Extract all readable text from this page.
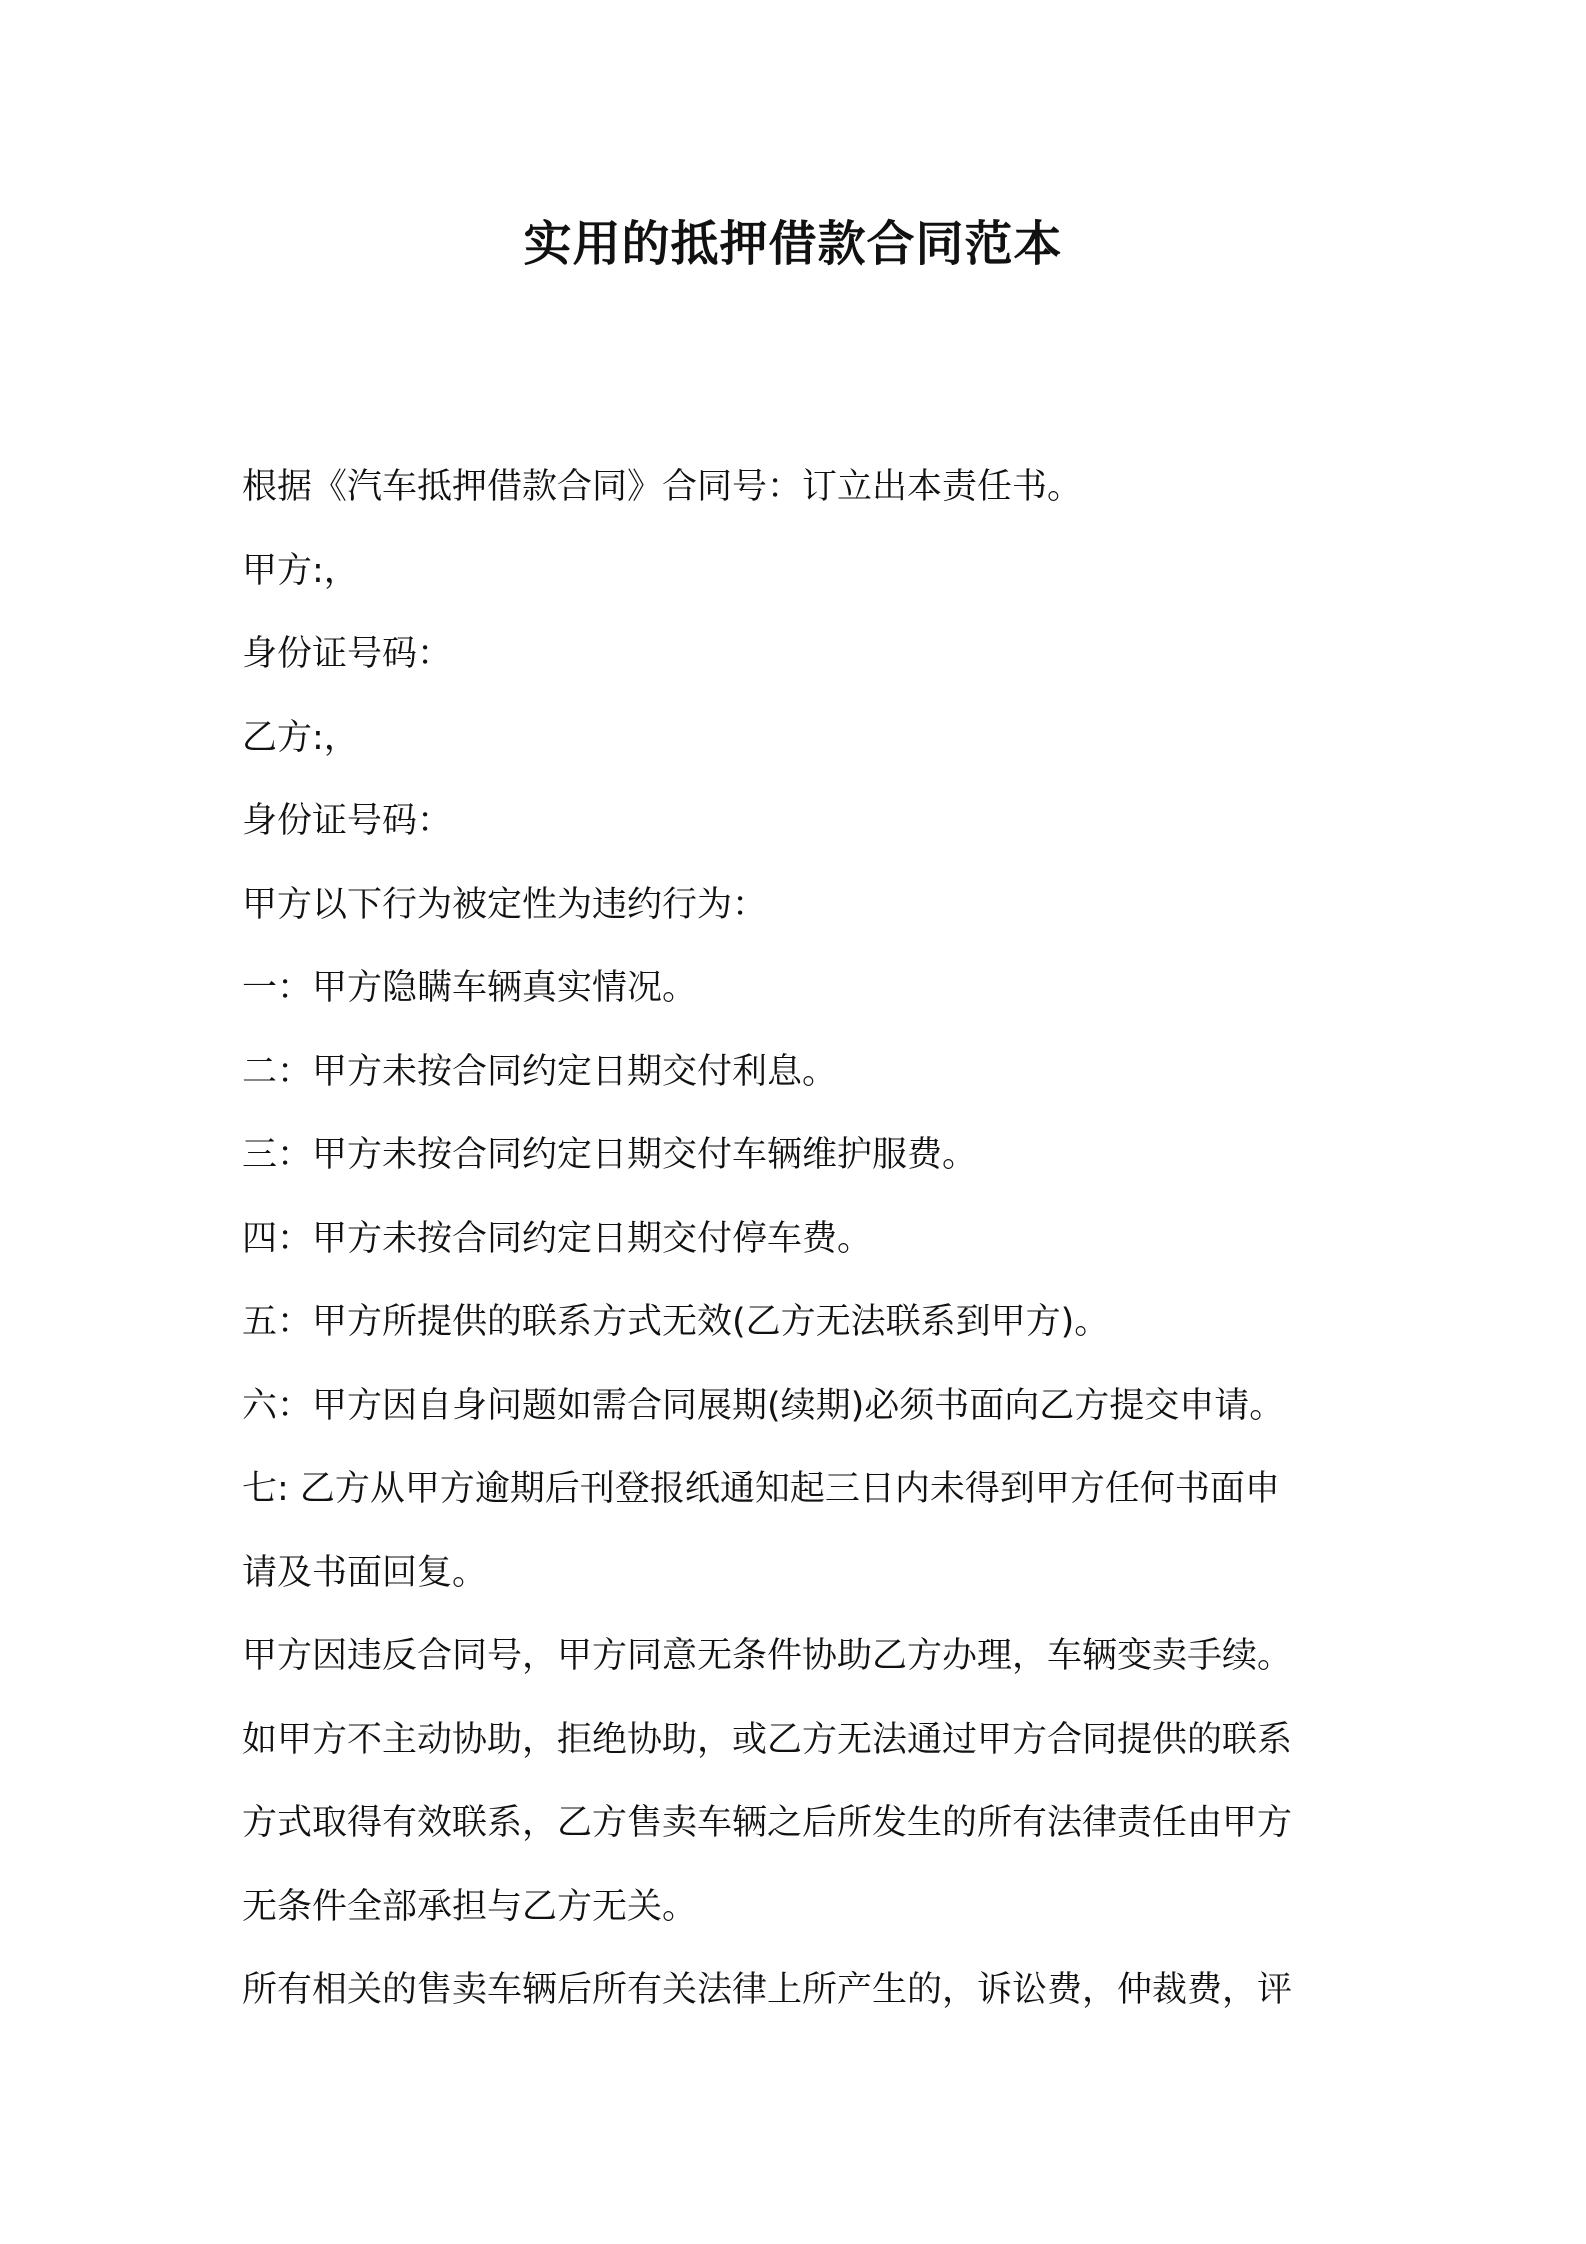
实用的抵押借款合同范本

根据《汽车抵押借款合同》合同号：订立出本责任书。

甲方:，

身份证号码：

乙方:，

身份证号码：

甲方以下行为被定性为违约行为：

一：甲方隐瞒车辆真实情况。

二：甲方未按合同约定日期交付利息。

三：甲方未按合同约定日期交付车辆维护服费。

四：甲方未按合同约定日期交付停车费。

五：甲方所提供的联系方式无效(乙方无法联系到甲方)。

六：甲方因自身问题如需合同展期(续期)必须书面向乙方提交申请。

七: 乙方从甲方逾期后刊登报纸通知起三日内未得到甲方任何书面申

请及书面回复。

甲方因违反合同号，甲方同意无条件协助乙方办理，车辆变卖手续。

如甲方不主动协助，拒绝协助，或乙方无法通过甲方合同提供的联系

方式取得有效联系，乙方售卖车辆之后所发生的所有法律责任由甲方

无条件全部承担与乙方无关。

所有相关的售卖车辆后所有关法律上所产生的，诉讼费，仲裁费，评
